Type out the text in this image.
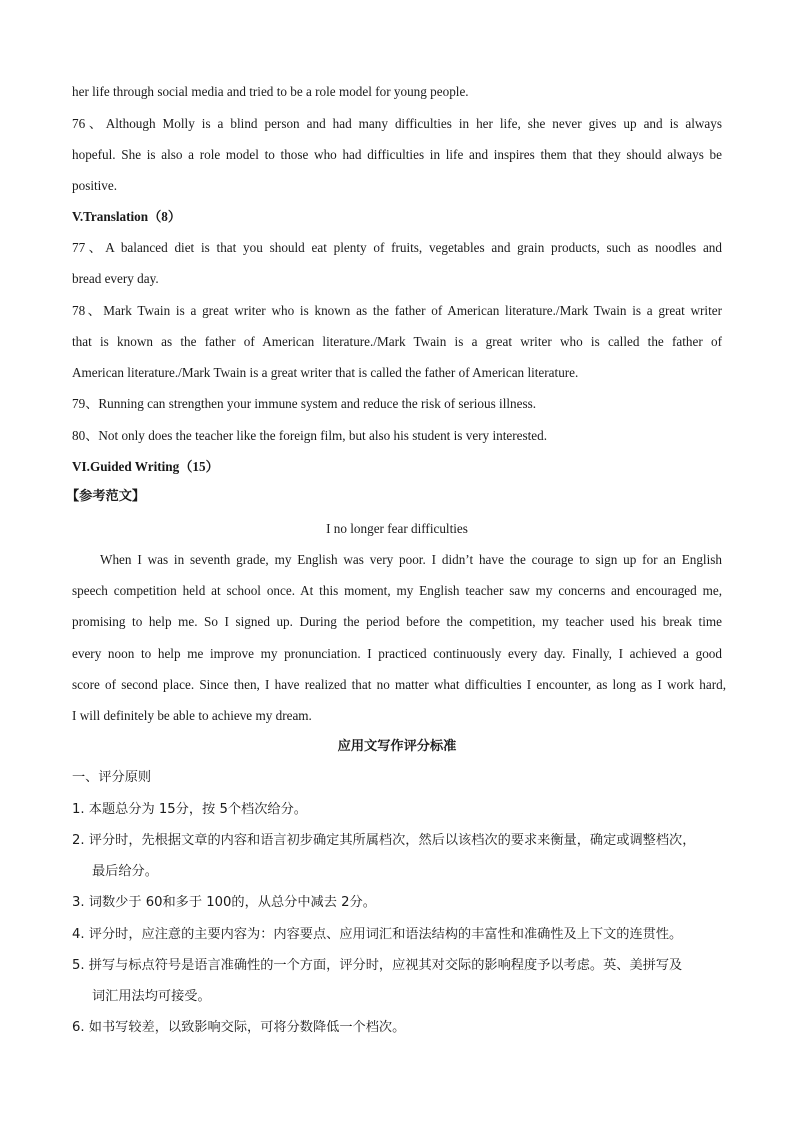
her life through social media and tried to be a role model for young people.
76、Although Molly is a blind person and had many difficulties in her life, she never gives up and is always
hopeful. She is also a role model to those who had difficulties in life and inspires them that they should always be
positive.
V.Translation（8）
77、A balanced diet is that you should eat plenty of fruits, vegetables and grain products, such as noodles and
bread every day.
78、Mark Twain is a great writer who is known as the father of American literature./Mark Twain is a great writer
that is known as the father of American literature./Mark Twain is a great writer who is called the father of
American literature./Mark Twain is a great writer that is called the father of American literature.
79、Running can strengthen your immune system and reduce the risk of serious illness.
80、Not only does the teacher like the foreign film, but also his student is very interested.
VI.Guided Writing（15）
【参考范文】
I no longer fear difficulties
When I was in seventh grade, my English was very poor. I didn’t have the courage to sign up for an English
speech competition held at school once. At this moment, my English teacher saw my concerns and encouraged me,
promising to help me. So I signed up. During the period before the competition, my teacher used his break time
every noon to help me improve my pronunciation. I practiced continuously every day. Finally, I achieved a good
score of second place. Since then, I have realized that no matter what difficulties I encounter, as long as I work hard,
I will definitely be able to achieve my dream.
应用文写作评分标准
一、评分原则
1. 本题总分为 15分，按 5个档次给分。
2. 评分时，先根据文章的内容和语言初步确定其所属档次，然后以该档次的要求来衡量，确定或调整档次，
最后给分。
3. 词数少于 60和多于 100的，从总分中减去 2分。
4. 评分时，应注意的主要内容为：内容要点、应用词汇和语法结构的丰富性和准确性及上下文的连贯性。
5. 拼写与标点符号是语言准确性的一个方面，评分时，应视其对交际的影响程度予以考虑。英、美拼写及
词汇用法均可接受。
6. 如书写较差，以致影响交际，可将分数降低一个档次。
